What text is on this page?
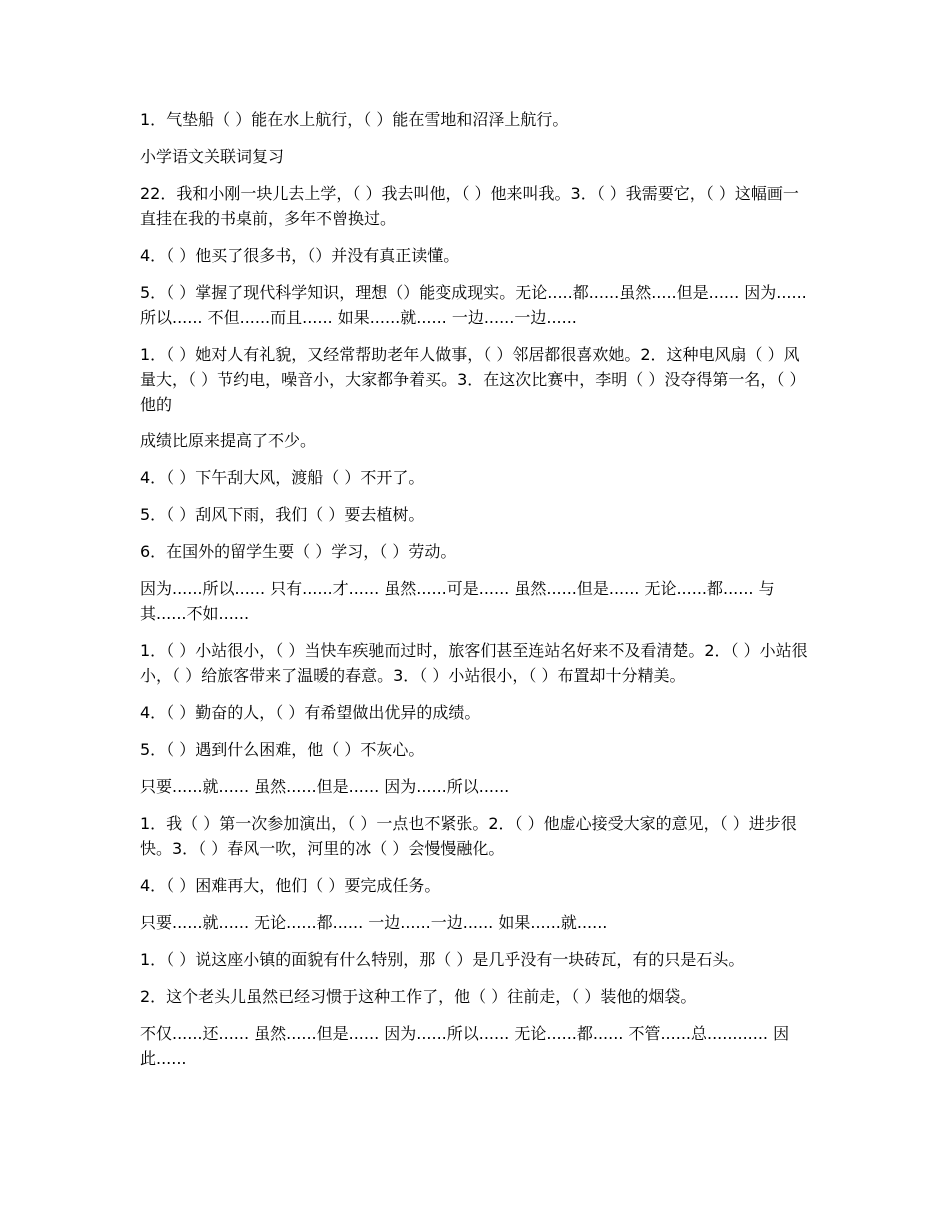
1．气垫船（ ）能在水上航行，（ ）能在雪地和沼泽上航行。

小学语文关联词复习

22．我和小刚一块儿去上学，（ ）我去叫他，（ ）他来叫我。3．（ ）我需要它，（ ）这幅画一直挂在我的书桌前，多年不曾换过。

4．（ ）他买了很多书，（）并没有真正读懂。

5．（ ）掌握了现代科学知识，理想（）能变成现实。无论.....都......虽然.....但是...... 因为......所以...... 不但......而且...... 如果......就...... 一边......一边......

1．（ ）她对人有礼貌，又经常帮助老年人做事，（ ）邻居都很喜欢她。2．这种电风扇（ ）风量大，（ ）节约电，噪音小，大家都争着买。3．在这次比赛中，李明（ ）没夺得第一名，（ ）他的

成绩比原来提高了不少。

4．（ ）下午刮大风，渡船（ ）不开了。

5．（ ）刮风下雨，我们（ ）要去植树。

6．在国外的留学生要（ ）学习，（ ）劳动。

因为......所以...... 只有......才...... 虽然......可是...... 虽然......但是...... 无论......都...... 与其......不如......

1．（ ）小站很小，（ ）当快车疾驰而过时，旅客们甚至连站名好来不及看清楚。2．（ ）小站很小，（ ）给旅客带来了温暖的春意。3．（ ）小站很小，（ ）布置却十分精美。

4．（ ）勤奋的人，（ ）有希望做出优异的成绩。

5．（ ）遇到什么困难，他（ ）不灰心。

只要......就...... 虽然......但是...... 因为......所以......

1．我（ ）第一次参加演出，（ ）一点也不紧张。2．（ ）他虚心接受大家的意见，（ ）进步很快。3．（ ）春风一吹，河里的冰（ ）会慢慢融化。

4．（ ）困难再大，他们（ ）要完成任务。

只要......就...... 无论......都...... 一边......一边...... 如果......就......

1．（ ）说这座小镇的面貌有什么特别，那（ ）是几乎没有一块砖瓦，有的只是石头。

2．这个老头儿虽然已经习惯于这种工作了，他（ ）往前走，（ ）装他的烟袋。

不仅......还...... 虽然......但是...... 因为......所以...... 无论......都...... 不管......总............ 因此......
